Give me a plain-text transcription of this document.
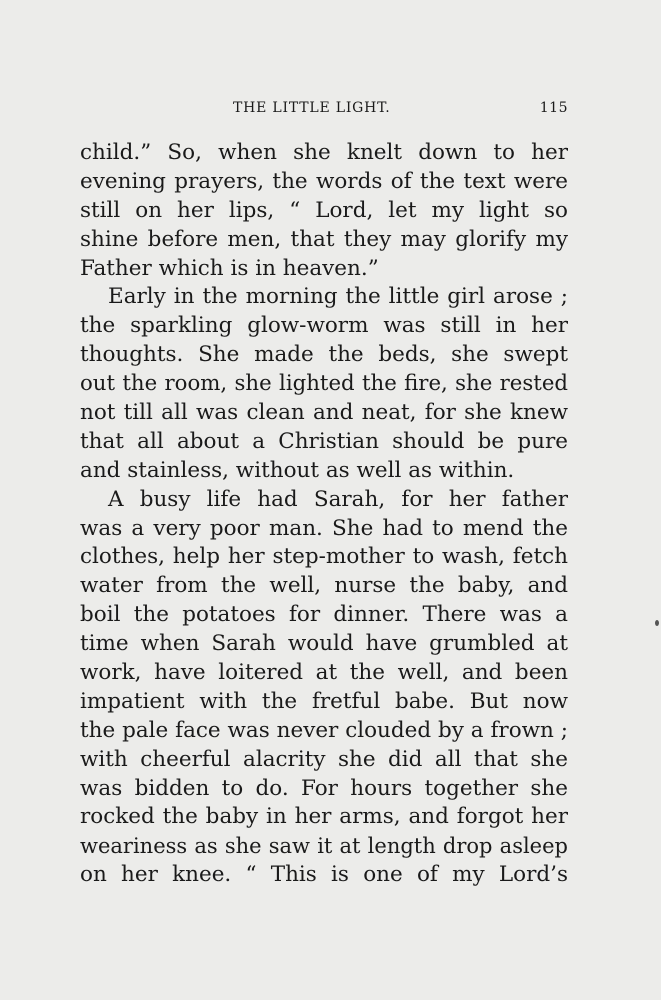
THE LITTLE LIGHT.	115
child.” So, when she knelt down to her
evening prayers, the words of the text were
still on her lips, “ Lord, let my light so
shine before men, that they may glorify my
Father which is in heaven.”
Early in the morning the little girl arose ;
the sparkling glow-worm was still in her
thoughts. She made the beds, she swept
out the room, she lighted the fire, she rested
not till all was clean and neat, for she knew
that all about a Christian should be pure
and stainless, without as well as within.
A busy life had Sarah, for her father
was a very poor man. She had to mend the
clothes, help her step-mother to wash, fetch
water from the well, nurse the baby, and
boil the potatoes for dinner. There was a
time when Sarah would have grumbled at
work, have loitered at the well, and been
impatient with the fretful babe. But now
the pale face was never clouded by a frown ;
with cheerful alacrity she did all that she
was bidden to do. For hours together she
rocked the baby in her arms, and forgot her
weariness as she saw it at length drop asleep
on her knee. “ This is one of my Lord’s
